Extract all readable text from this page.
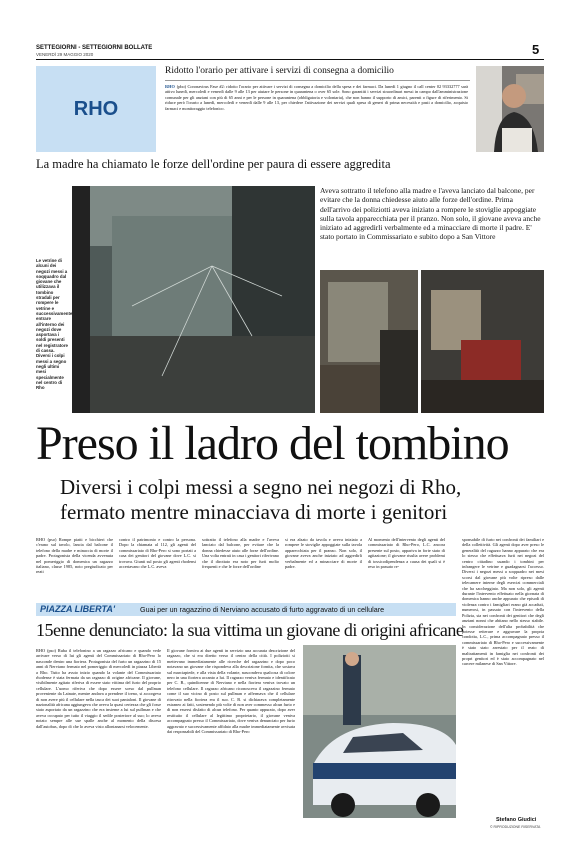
SETTEGIORNI - SETTEGIORNI BOLLATE
VENERDÌ 29 MAGGIO 2020	5
RHO
Ridotto l'orario per attivare i servizi di consegna a domicilio
RHO (pbo) Coronavirus Fase #2: ridotto l'orario per attivare i servizi di consegna a domicilio della spesa e dei farmaci. Da lunedì 1 giugno il call center 02 93332777 sarà attivo lunedì, mercoledì e venerdì dalle 9 alle 13 per aiutare le persone in quarantena o over 65 sole. Sono garantiti i servizi straordinari messi in campo dall'amministrazione comunale per gli anziani con più di 65 anni e per le persone in quarantena (obbligatoria e volontaria), che non hanno il supporto di amici, parenti o figure di riferimento. Si riduce però l'orario a lunedì, mercoledì e venerdì dalle 9 alle 13, per chiedere l'attivazione dei servizi quali spesa di generi di prima necessità e pasti a domicilio, acquisto farmaci e monitoraggio telefonico.
La madre ha chiamato le forze dell'ordine per paura di essere aggredita
Le vetrine di alcuni dei negozi messi a soqquadro dal giovane che utilizzava il tombino stradali per rompere le vetrine e successivamente entrare all'interno dei negozi dove asportava i soldi presenti nel registratore di cassa. Diversi i colpi messi a segno negli ultimi mesi specialmente nel centro di Rho
Aveva sottratto il telefono alla madre e l'aveva lanciato dal balcone, per evitare che la donna chiedesse aiuto alle forze dell'ordine. Prima dell'arrivo dei poliziotti aveva iniziato a rompere le stoviglie appoggiate sulla tavola apparecchiata per il pranzo. Non solo, il giovane aveva anche iniziato ad aggredirli verbalmente ed a minacciare di morte il padre. E' stato portato in Commissariato e subito dopo a San Vittore
Preso il ladro del tombino
Diversi i colpi messi a segno nei negozi di Rho,
fermato mentre minacciava di morte i genitori
RHO (pso) Rompe piatti e bicchieri che c'erano sul tavolo, lancia dal balcone il telefono della madre e minaccia di morte il padre. Protagonista della vicenda avvenuta nel pomeriggio di domenica un ragazzo italiano, classe 1985, noto pregiudicato per reati
contro il patrimonio e contro la persona. Dopo la chiamata al 112, gli agenti del commissariato di Rho-Pero si sono portati a casa dei genitori del giovane dove L.C. si trovava. Giunti sul posto gli agenti rhodensi accertavano che L.C. aveva
sottratto il telefono alla madre e l'aveva lanciato dal balcone, per evitare che la donna chiedesse aiuto alle forze dell'ordine. Una volta entrati in casa i genitori riferivano che il dirottato era noto per furti molto frequenti e che le forze dell'ordine
si era alzato da tavola e aveva iniziato a rompere le stoviglie appoggiate sulla tavola apparecchiata per il pranzo. Non solo, il giovane aveva anche iniziato ad aggredirli verbalmente ed a minacciare di morte il padre.
Al momento dell'intervento degli agenti del commissariato di Rho-Pero, L.C. ancora presente sul posto, appariva in forte stato di agitazione; il giovane risulta avere problemi di tossicodipendenza a causa dei quali si è reso in passato re-
sponsabile di furto nei confronti dei familiari e della collettività. Gli agenti dopo aver preso le generalità del ragazzo hanno appurato che era lo stesso che effettuava furti nei negozi del centro cittadino usando i tombini per infrangere le vetrine e guadagnarsi l'accesso. Diversi i negozi messi a soqquadro nei mesi scorsi dal giovane più volte ripreso dalle telecamere interne degli esercizi commerciali che ha saccheggiato. Ma non solo, gli agenti durante l'intervento effettuato nella giornata di domenica hanno anche appurato che episodi di violenza contro i famigliari erano già accaduti, numerosi, in passato con l'intervento della Polizia, sia nei confronti dei genitori che degli anziani nonni che abitano nello stesso stabile. In considerazione dell'alta probabilità che potesse reiterare e aggravare la propria condotta, L.C., prima accompagnato presso il commissariato di Rho-Pero e successivamente è stato stato arrestato per il reato di maltrattamenti in famiglia nei confronti dei propri genitori ed è stato accompagnato nel carcere milanese di San Vittore.
PIAZZA LIBERTA'	Guai per un ragazzino di Nerviano accusato di furto aggravato di un cellulare
15enne denunciato: la sua vittima un giovane di origini africane
RHO (pso) Ruba il telefonino a un ragazzo africano e quando vede arrivare verso di lui gli agenti del Commissariato di Rho-Pero lo nasconde dentro una fioriera. Protagonista del furto un ragazzino di 15 anni di Nerviano fermato nel pomeriggio di mercoledì in piazza Libertà a Rho. Tutto ha avuto inizio quando la volante del Commissariato rhodense è stata fermata da un ragazzo di origine africane. Il giovane, visibilmente agitato riferiva di essere stato vittima del furto del proprio cellulare. L'uomo riferiva che dopo essere sceso dal pullman proveniente da Lainate, mentre andava a prendere il treno, si accorgeva di non avere più il cellulare nella tasca dei suoi pantaloni. Il giovane di nazionalità africana aggiungeva che aveva la quasi certezza che gli fosse stato asportato da un ragazzino che era insieme a lui sul pullman e che aveva occupato per tutto il viaggio il sedile posteriore al suo; lo aveva notato sempre alle sue spalle anche al momento della discesa dall'autobus, dopo di che lo aveva visto allontanarsi velocemente.
Il giovane forniva ai due agenti in servizio una accurata descrizione del ragazzo, che si era diretto verso il centro della città. I poliziotti si mettevano immediatamente alle ricerche del ragazzino e dopo poco notavano un giovane che rispondeva alla descrizione fornita, che sostava sul marciapiede, e alla vista della volante, nascondeva qualcosa di colore nero in una fioriera accanto a lui. Il ragazzo veniva fermato e identificato per C. B., quindicenne di Nerviano e nella fioriera veniva trovato un telefono cellulare. Il ragazzo africano riconosceva il ragazzino fermato come il suo vicino di posto sul pullman e affermava che il cellulare ritrovato nella fioriera era il suo. C. B. si dichiarava completamente estraneo ai fatti, sostenendo più volte di non aver commesso alcun furto e di non essersi disfatto di alcun telefono. Per quanto appurato, dopo aver restituito il cellulare al legittimo proprietario, il giovane veniva accompagnato presso il Commissariato, dove veniva denunciato per furto aggravato e successivamente affidato alla madre immediatamente avvisata dai responsabili del Commissariato di Rho-Pero
Stefano Giudici
© RIPRODUZIONE RISERVATA
